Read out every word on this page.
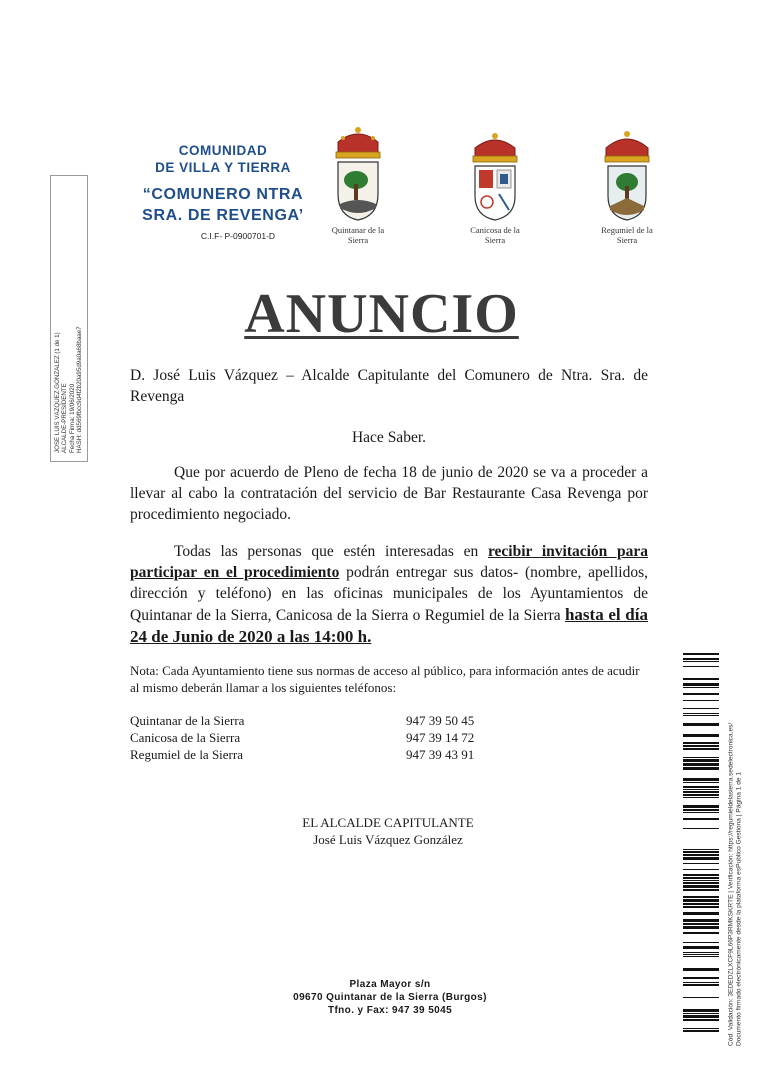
JOSÉ LUIS VÁZQUEZ GONZÁLEZ (1 de 1) ALCALDE-PRESIDENTE Fecha Firma: 19/06/2020 HASH: dd569fbcc9d4f2b20a95d9a0a68baae7
COMUNIDAD
DE VILLA Y TIERRA
“COMUNERO NTRA
SRA. DE REVENGA’
C.I.F- P-0900701-D
Quintanar de la
Sierra
Canicosa de la
Sierra
Regumiel de la
Sierra
ANUNCIO
D. José Luis Vázquez – Alcalde Capitulante del Comunero de Ntra. Sra. de Revenga
Hace Saber.
Que por acuerdo de Pleno de fecha 18 de junio de 2020 se va a proceder a llevar al cabo la contratación del servicio de Bar Restaurante Casa Revenga por procedimiento negociado.
Todas las personas que estén interesadas en recibir invitación para participar en el procedimiento podrán entregar sus datos- (nombre, apellidos, dirección y teléfono) en las oficinas municipales de los Ayuntamientos de Quintanar de la Sierra, Canicosa de la Sierra o Regumiel de la Sierra hasta el día 24 de Junio de 2020 a las 14:00 h.
Nota: Cada Ayuntamiento tiene sus normas de acceso al público, para información antes de acudir al mismo deberán llamar a los siguientes teléfonos:
Quintanar de la Sierra	947 39 50 45
Canicosa de la Sierra	947 39 14 72
Regumiel de la Sierra	947 39 43 91
EL ALCALDE CAPITULANTE
José Luis Vázquez González
Plaza Mayor s/n
09670 Quintanar de la Sierra (Burgos)
Tfno. y Fax: 947 39 5045	Cód. Validación: 3EDEDZLXCF9L66P3RMKSKRTE | Verificación: https://regumieldelasierra.sedelectronica.es/ Documento firmado electrónicamente desde la plataforma esPublico Gestiona | Página 1 de 1
